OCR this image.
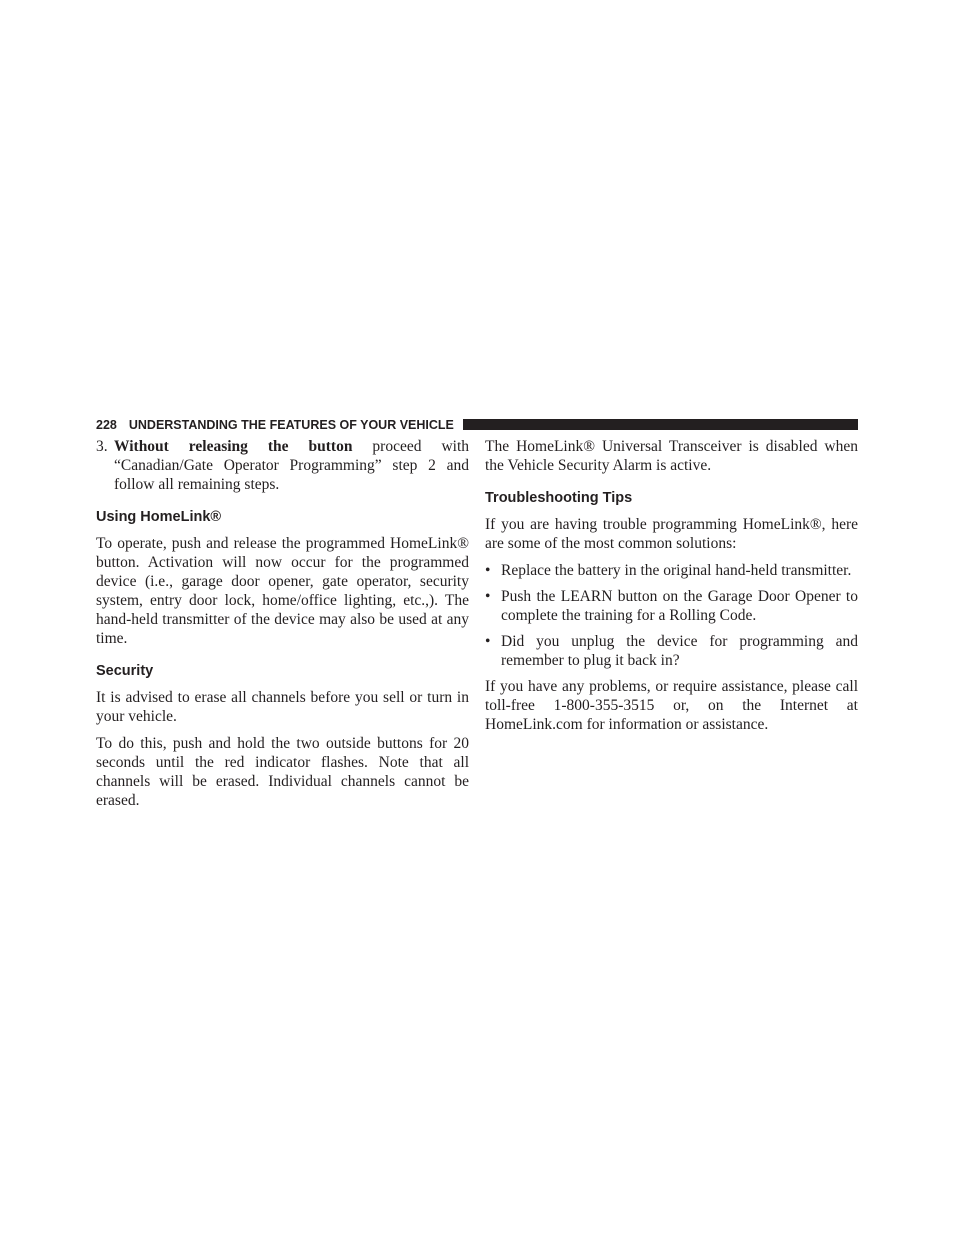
228 UNDERSTANDING THE FEATURES OF YOUR VEHICLE
3. Without releasing the button proceed with “Canadian/Gate Operator Programming” step 2 and follow all remaining steps.

Using HomeLink®

To operate, push and release the programmed HomeLink® button. Activation will now occur for the programmed device (i.e., garage door opener, gate operator, security system, entry door lock, home/office lighting, etc.,). The hand-held transmitter of the device may also be used at any time.

Security

It is advised to erase all channels before you sell or turn in your vehicle.

To do this, push and hold the two outside buttons for 20 seconds until the red indicator flashes. Note that all channels will be erased. Individual channels cannot be erased.

The HomeLink® Universal Transceiver is disabled when the Vehicle Security Alarm is active.

Troubleshooting Tips

If you are having trouble programming HomeLink®, here are some of the most common solutions:

• Replace the battery in the original hand-held transmitter.
• Push the LEARN button on the Garage Door Opener to complete the training for a Rolling Code.
• Did you unplug the device for programming and remember to plug it back in?

If you have any problems, or require assistance, please call toll-free 1-800-355-3515 or, on the Internet at HomeLink.com for information or assistance.
